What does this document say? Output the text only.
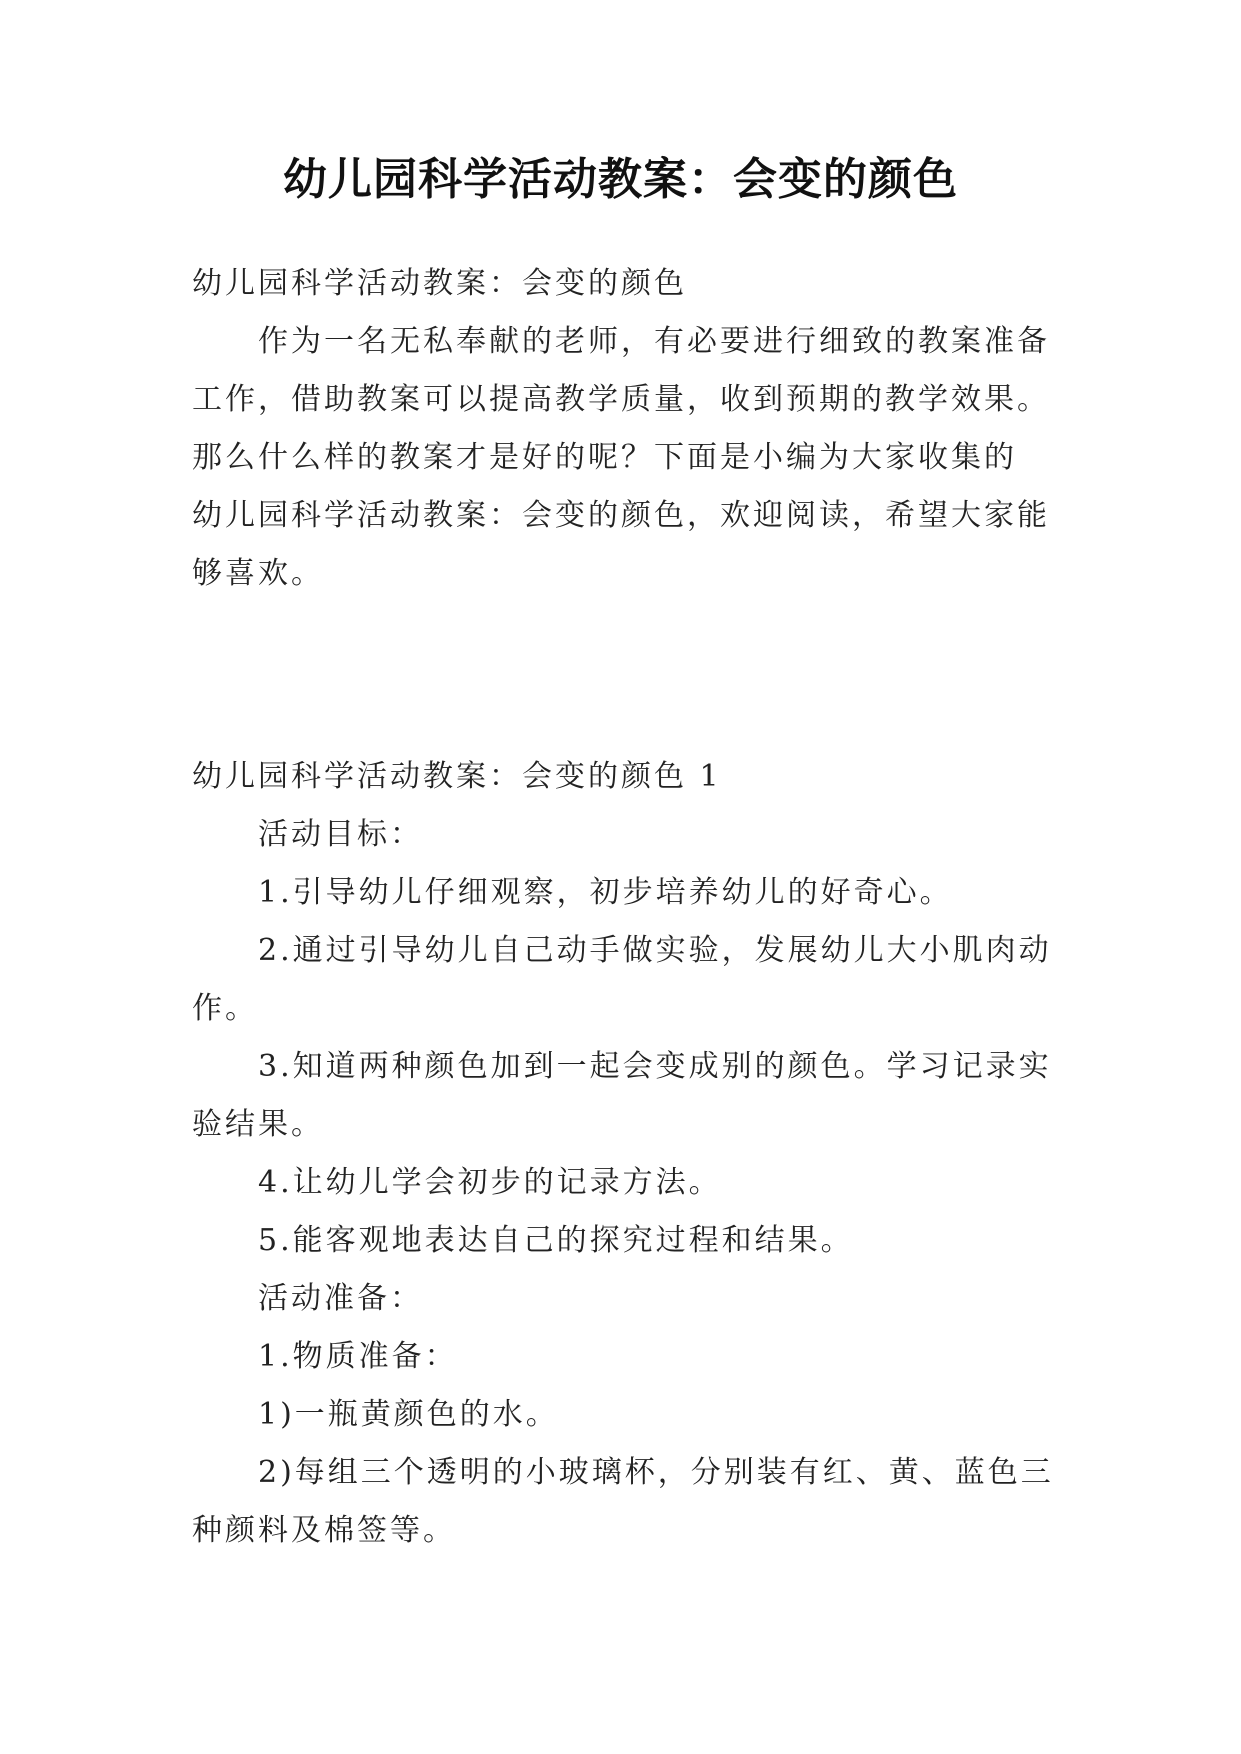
幼儿园科学活动教案：会变的颜色
幼儿园科学活动教案：会变的颜色
作为一名无私奉献的老师，有必要进行细致的教案准备
工作，借助教案可以提高教学质量，收到预期的教学效果。
那么什么样的教案才是好的呢？下面是小编为大家收集的
幼儿园科学活动教案：会变的颜色，欢迎阅读，希望大家能
够喜欢。
幼儿园科学活动教案：会变的颜色 1
活动目标：
1.引导幼儿仔细观察，初步培养幼儿的好奇心。
2.通过引导幼儿自己动手做实验，发展幼儿大小肌肉动
作。
3.知道两种颜色加到一起会变成别的颜色。学习记录实
验结果。
4.让幼儿学会初步的记录方法。
5.能客观地表达自己的探究过程和结果。
活动准备：
1.物质准备：
1)一瓶黄颜色的水。
2)每组三个透明的小玻璃杯，分别装有红、黄、蓝色三
种颜料及棉签等。
